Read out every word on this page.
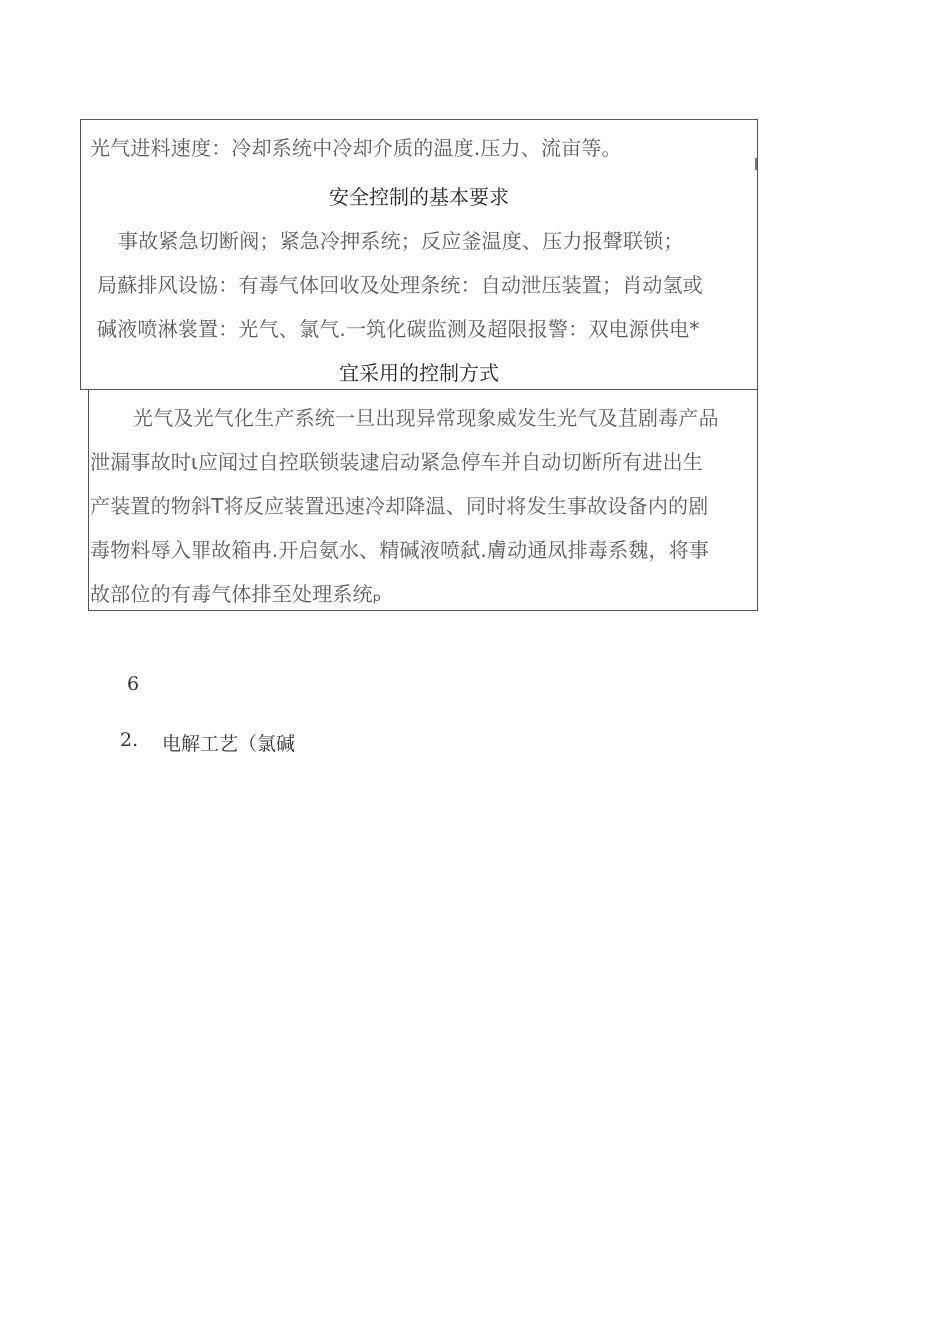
光气进料速度：冷却系统中冷却介质的温度.压力、流亩等。
安全控制的基本要求
事故紧急切断阀；紧急冷押系统；反应釜温度、压力报聲联锁；
局蘇排风设協：有毒气体回收及处理条统：自动泄压装置；肖动氢或
碱液喷淋裳置：光气、氯气.一筑化碳监测及超限报警：双电源供电*
宜采用的控制方式
光气及光气化生产系统一旦出现异常现象威发生光气及苴剧毒产品
泄漏事故时ι应闻过自控联锁装逮启动紧急停车并自动切断所有进出生
产装置的物斜T将反应装置迅速冷却降温、同时将发生事故设备内的剧
毒物料辱入罪故箱冉.开启氨水、精碱液喷弑.膚动通凤排毒系魏，将事
故部位的有毒气体排至处理系统ₚ
6
2. 电解工艺（氯碱
